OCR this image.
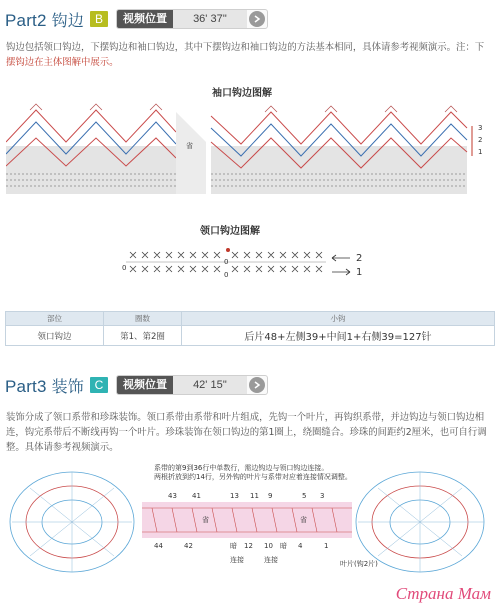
Part2 钩边 B	视频位置	36' 37''
钩边包括领口钩边，下摆钩边和袖口钩边，其中下摆钩边和袖口钩边的方法基本相同，具体请参考视频演示。注：下
摆钩边在主体图解中展示。
袖口钩边图解
省
3
2
1
领口钩边图解
0
0
0
2
1
部位	圈数	小钩
领口钩边	第1、第2圈	后片48+左侧39+中间1+右侧39=127针
Part3 装饰 C	视频位置	42' 15''
装饰分成了领口系带和珍珠装饰。领口系带由系带和叶片组成，先钩一个叶片，再钩织系带，并边钩边与领口钩边相连，钩完系带后不断线再钩一个叶片。珍珠装饰在领口钩边的第1圈上，绕圈缝合。珍珠的间距约2厘米，也可自行调整。具体请参考视频演示。
系带的第9到36行中单数行，需边钩边与领口钩边连接。
两根折放到约14行，另外钩的叶片与系带对应着连接情况调整。
43 41	13 11 9	5 3
省	省
暗	暗
44	42	12 10	4	1
连接	连接	叶片(钩2片)
Страна Мам
